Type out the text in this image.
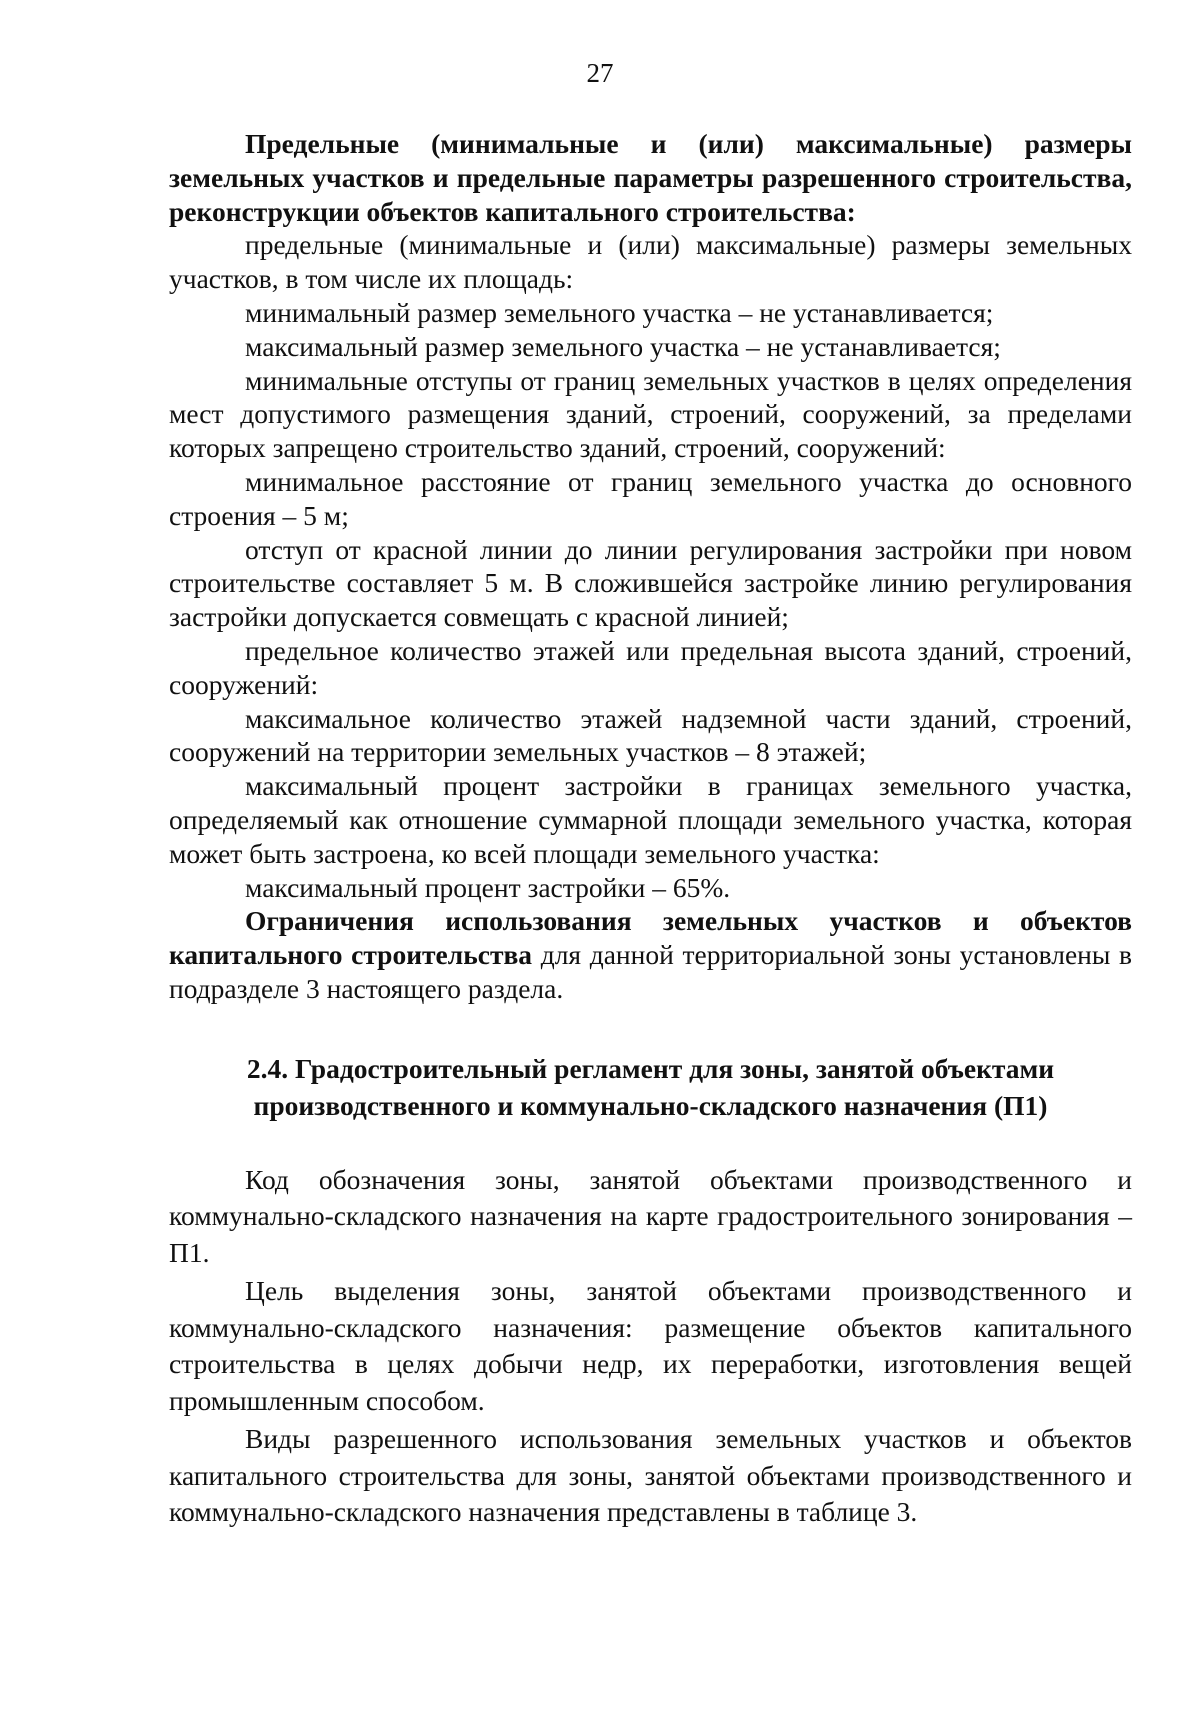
27

Предельные (минимальные и (или) максимальные) размеры земельных участков и предельные параметры разрешенного строительства, реконструкции объектов капитального строительства:

предельные (минимальные и (или) максимальные) размеры земельных участков, в том числе их площадь:

минимальный размер земельного участка – не устанавливается;

максимальный размер земельного участка – не устанавливается;

минимальные отступы от границ земельных участков в целях определения мест допустимого размещения зданий, строений, сооружений, за пределами которых запрещено строительство зданий, строений, сооружений:

минимальное расстояние от границ земельного участка до основного строения – 5 м;

отступ от красной линии до линии регулирования застройки при новом строительстве составляет 5 м. В сложившейся застройке линию регулирования застройки допускается совмещать с красной линией;

предельное количество этажей или предельная высота зданий, строений, сооружений:

максимальное количество этажей надземной части зданий, строений, сооружений на территории земельных участков – 8 этажей;

максимальный процент застройки в границах земельного участка, определяемый как отношение суммарной площади земельного участка, которая может быть застроена, ко всей площади земельного участка:

максимальный процент застройки – 65%.

Ограничения использования земельных участков и объектов капитального строительства для данной территориальной зоны установлены в подразделе 3 настоящего раздела.

2.4. Градостроительный регламент для зоны, занятой объектами
производственного и коммунально-складского назначения (П1)

Код обозначения зоны, занятой объектами производственного и коммунально-складского назначения на карте градостроительного зонирования – П1.

Цель выделения зоны, занятой объектами производственного и коммунально-складского назначения: размещение объектов капитального строительства в целях добычи недр, их переработки, изготовления вещей промышленным способом.

Виды разрешенного использования земельных участков и объектов капитального строительства для зоны, занятой объектами производственного и коммунально-складского назначения представлены в таблице 3.
